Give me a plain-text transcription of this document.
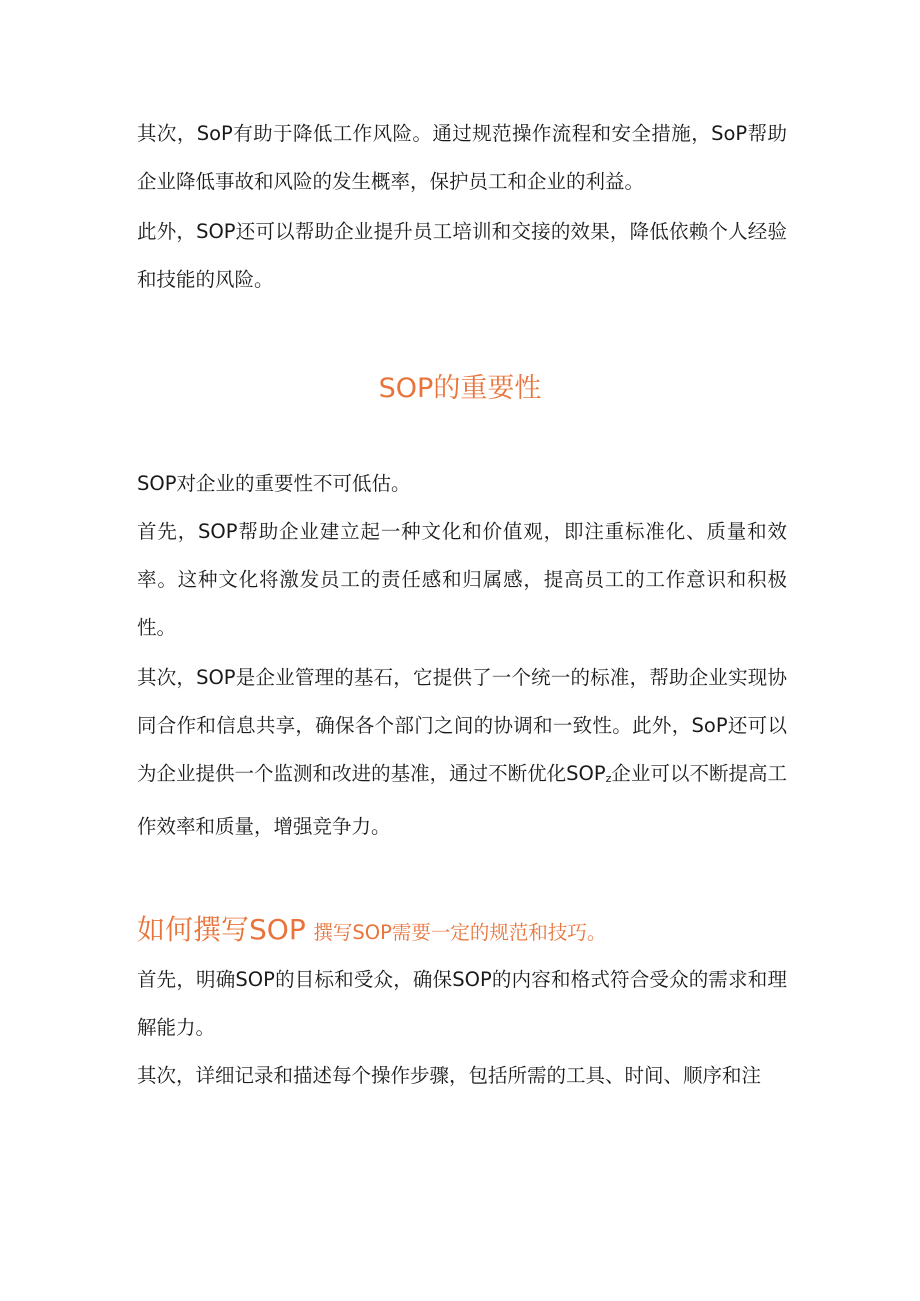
其次，SoP有助于降低工作风险。通过规范操作流程和安全措施，SoP帮助企业降低事故和风险的发生概率，保护员工和企业的利益。

此外，SOP还可以帮助企业提升员工培训和交接的效果，降低依赖个人经验和技能的风险。

SOP的重要性

SOP对企业的重要性不可低估。

首先，SOP帮助企业建立起一种文化和价值观，即注重标准化、质量和效率。这种文化将激发员工的责任感和归属感，提高员工的工作意识和积极性。

其次，SOP是企业管理的基石，它提供了一个统一的标准，帮助企业实现协同合作和信息共享，确保各个部门之间的协调和一致性。此外，SoP还可以为企业提供一个监测和改进的基准，通过不断优化$SOP_z$企业可以不断提高工作效率和质量，增强竞争力。

如何撰写SOP 撰写SOP需要一定的规范和技巧。

首先，明确SOP的目标和受众，确保SOP的内容和格式符合受众的需求和理解能力。

其次，详细记录和描述每个操作步骤，包括所需的工具、时间、顺序和注
